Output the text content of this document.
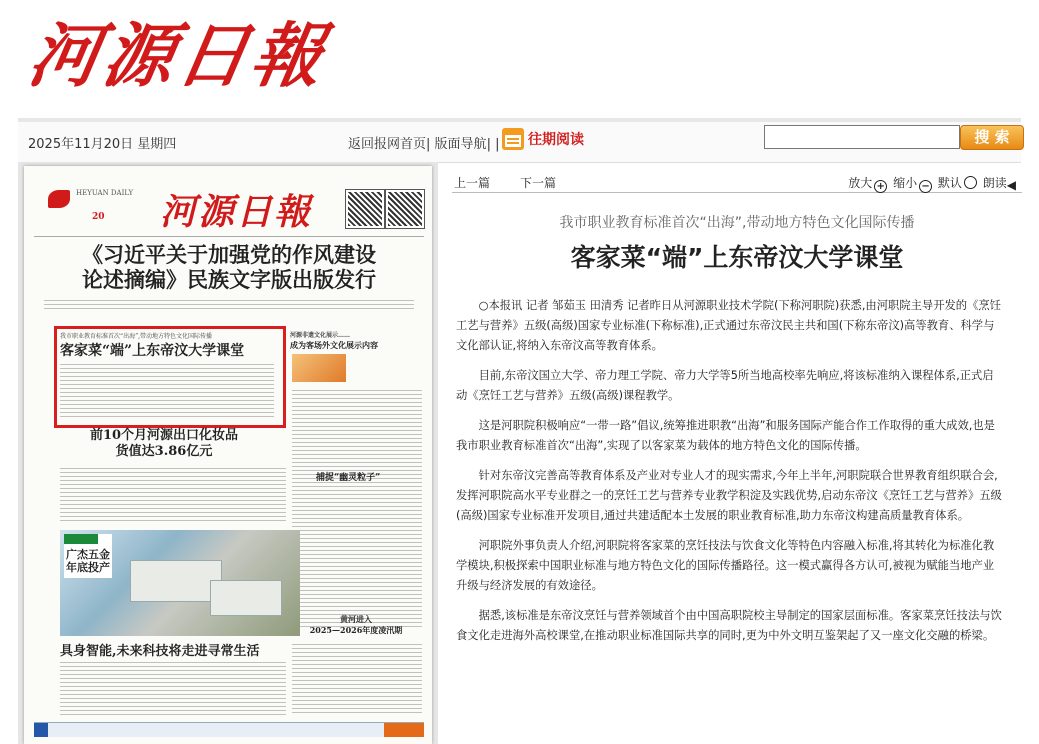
河源日報
2025年11月20日 星期四	返回报网首页| 版面导航| | 往期阅读	搜 索
HEYUAN DAILY
20 河源日報
《习近平关于加强党的作风建设
论述摘编》民族文字版出版发行
我市职业教育标准首次“出海”,带动地方特色文化国际传播
客家菜“端”上东帝汶大学课堂
河源非遗文化展示……
成为客场外文化展示内容
前10个月河源出口化妆品
货值达3.86亿元
捕捉“幽灵粒子”
广杰五金年底投产
黄河进入
2025—2026年度凌汛期
具身智能,未来科技将走进寻常生活
上一篇 下一篇	放大 + 缩小 − 默认 朗读◀
我市职业教育标准首次“出海”,带动地方特色文化国际传播
客家菜“端”上东帝汶大学课堂

○本报讯 记者 邹茹玉 田清秀 记者昨日从河源职业技术学院(下称河职院)获悉,由河职院主导开发的《烹饪工艺与营养》五级(高级)国家专业标准(下称标准),正式通过东帝汶民主共和国(下称东帝汶)高等教育、科学与文化部认证,将纳入东帝汶高等教育体系。

目前,东帝汶国立大学、帝力理工学院、帝力大学等5所当地高校率先响应,将该标准纳入课程体系,正式启动《烹饪工艺与营养》五级(高级)课程教学。

这是河职院积极响应“一带一路”倡议,统筹推进职教“出海”和服务国际产能合作工作取得的重大成效,也是我市职业教育标准首次“出海”,实现了以客家菜为载体的地方特色文化的国际传播。

针对东帝汶完善高等教育体系及产业对专业人才的现实需求,今年上半年,河职院联合世界教育组织联合会,发挥河职院高水平专业群之一的烹饪工艺与营养专业教学积淀及实践优势,启动东帝汶《烹饪工艺与营养》五级(高级)国家专业标准开发项目,通过共建适配本土发展的职业教育标准,助力东帝汶构建高质量教育体系。

河职院外事负责人介绍,河职院将客家菜的烹饪技法与饮食文化等特色内容融入标准,将其转化为标准化教学模块,积极探索中国职业标准与地方特色文化的国际传播路径。这一模式赢得各方认可,被视为赋能当地产业升级与经济发展的有效途径。

据悉,该标准是东帝汶烹饪与营养领域首个由中国高职院校主导制定的国家层面标准。客家菜烹饪技法与饮食文化走进海外高校课堂,在推动职业标准国际共享的同时,更为中外文明互鉴架起了又一座文化交融的桥梁。
